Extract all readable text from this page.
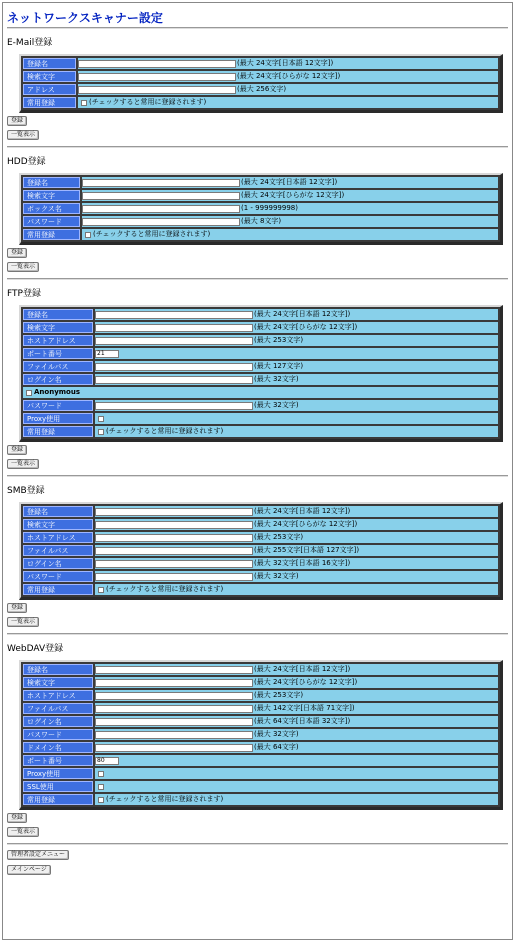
ネットワークスキャナー設定
E-Mail登録
登録名	(最大 24文字[日本語 12文字])
検索文字	(最大 24文字[ひらがな 12文字])
アドレス	(最大 256文字)
常用登録	(チェックすると常用に登録されます)
登録
一覧表示
HDD登録
登録名	(最大 24文字[日本語 12文字])
検索文字	(最大 24文字[ひらがな 12文字])
ボックス名	(1 - 999999998)
パスワード	(最大 8文字)
常用登録	(チェックすると常用に登録されます)
登録
一覧表示
FTP登録
登録名	(最大 24文字[日本語 12文字])
検索文字	(最大 24文字[ひらがな 12文字])
ホストアドレス	(最大 253文字)
ポート番号	21
ファイルパス	(最大 127文字)
ログイン名	(最大 32文字)
Anonymous
パスワード	(最大 32文字)
Proxy使用
常用登録	(チェックすると常用に登録されます)
登録
一覧表示
SMB登録
登録名	(最大 24文字[日本語 12文字])
検索文字	(最大 24文字[ひらがな 12文字])
ホストアドレス	(最大 253文字)
ファイルパス	(最大 255文字[日本語 127文字])
ログイン名	(最大 32文字[日本語 16文字])
パスワード	(最大 32文字)
常用登録	(チェックすると常用に登録されます)
登録
一覧表示
WebDAV登録
登録名	(最大 24文字[日本語 12文字])
検索文字	(最大 24文字[ひらがな 12文字])
ホストアドレス	(最大 253文字)
ファイルパス	(最大 142文字[日本語 71文字])
ログイン名	(最大 64文字[日本語 32文字])
パスワード	(最大 32文字)
ドメイン名	(最大 64文字)
ポート番号	80
Proxy使用
SSL使用
常用登録	(チェックすると常用に登録されます)
登録
一覧表示
管理者設定メニュー
メインページ
